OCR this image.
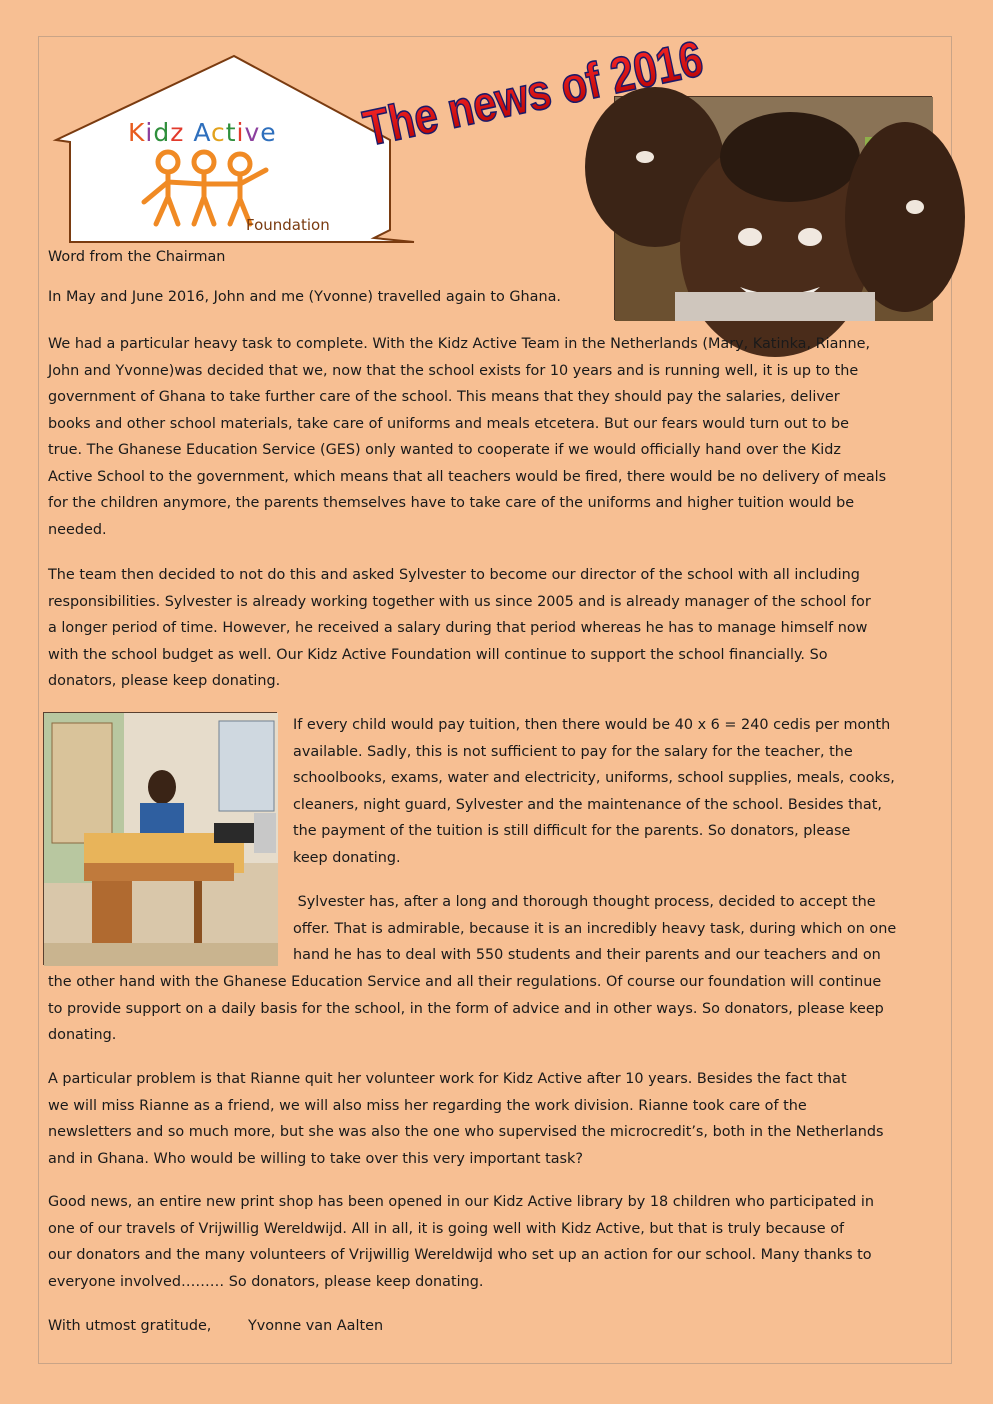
Kidz Active
Foundation
The news of 2016

Word from the Chairman

In May and June 2016, John and me (Yvonne) travelled again to Ghana.

We had a particular heavy task to complete. With the Kidz Active Team in the Netherlands (Mary, Katinka, Rianne,

John and Yvonne)was decided that we, now that the school exists for 10 years and is running well, it is up to the

government of Ghana to take further care of the school. This means that they should pay the salaries, deliver

books and other school materials, take care of uniforms and meals etcetera. But our fears would turn out to be

true. The Ghanese Education Service (GES) only wanted to cooperate if we would officially hand over the Kidz

Active School to the government, which means that all teachers would be fired, there would be no delivery of meals

for the children anymore, the parents themselves have to take care of the uniforms and higher tuition would be

needed.

The team then decided to not do this and asked Sylvester to become our director of the school with all including

responsibilities. Sylvester is already working together with us since 2005 and is already manager of the school for

a longer period of time. However, he received a salary during that period whereas he has to manage himself now

with the school budget as well. Our Kidz Active Foundation will continue to support the school financially. So

donators, please keep donating.

If every child would pay tuition, then there would be 40 x 6 = 240 cedis per month

available. Sadly, this is not sufficient to pay for the salary for the teacher, the

schoolbooks, exams, water and electricity, uniforms, school supplies, meals, cooks,

cleaners, night guard, Sylvester and the maintenance of the school. Besides that,

the payment of the tuition is still difficult for the parents. So donators, please

keep donating.

Sylvester has, after a long and thorough thought process, decided to accept the

offer. That is admirable, because it is an incredibly heavy task, during which on one

hand he has to deal with 550 students and their parents and our teachers and on

the other hand with the Ghanese Education Service and all their regulations. Of course our foundation will continue

to provide support on a daily basis for the school, in the form of advice and in other ways. So donators, please keep

donating.

A particular problem is that Rianne quit her volunteer work for Kidz Active after 10 years. Besides the fact that

we will miss Rianne as a friend, we will also miss her regarding the work division. Rianne took care of the

newsletters and so much more, but she was also the one who supervised the microcredit’s, both in the Netherlands

and in Ghana. Who would be willing to take over this very important task?

Good news, an entire new print shop has been opened in our Kidz Active library by 18 children who participated in

one of our travels of Vrijwillig Wereldwijd. All in all, it is going well with Kidz Active, but that is truly because of

our donators and the many volunteers of Vrijwillig Wereldwijd who set up an action for our school. Many thanks to

everyone involved……… So donators, please keep donating.

With utmost gratitude,	Yvonne van Aalten
